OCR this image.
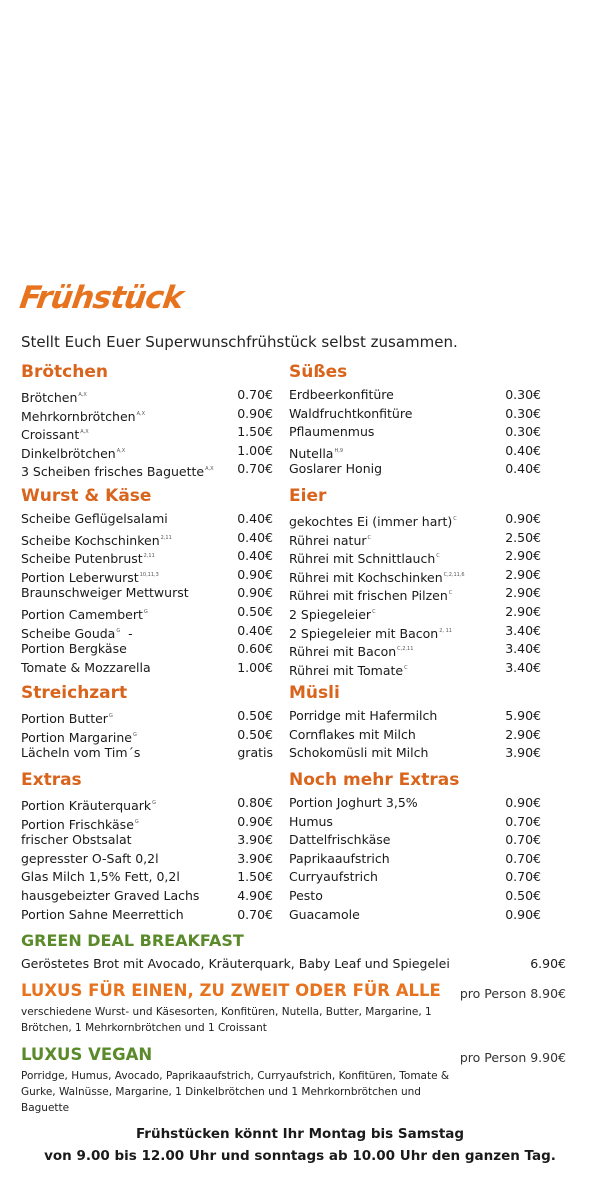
Frühstück
Stellt Euch Euer Superwunschfrühstück selbst zusammen.
Brötchen
Brötchen$^{A,X}$	0.70€
Mehrkornbrötchen$^{A,X}$	0.90€
Croissant$^{A,X}$	1.50€
Dinkelbrötchen$^{A,X}$	1.00€
3 Scheiben frisches Baguette$^{A,X}$ 0.70€
Wurst & Käse
Scheibe Geflügelsalami	0.40€
Scheibe Kochschinken$^{2,11}$	0.40€
Scheibe Putenbrust$^{2,11}$	0.40€
Portion Leberwurst$^{10,11,3}$	0.90€
Braunschweiger Mettwurst	0.90€
Portion Camembert$^G$	0.50€
Scheibe Gouda$^G$  -	0.40€
Portion Bergkäse	0.60€
Tomate & Mozzarella	1.00€
Streichzart
Portion Butter$^G$	0.50€
Portion Margarine$^G$	0.50€
Lächeln vom Tim´s	gratis
Extras
Portion Kräuterquark$^G$	0.80€
Portion Frischkäse$^G$	0.90€
frischer Obstsalat	3.90€
gepresster O-Saft 0,2l	3.90€
Glas Milch 1,5% Fett, 0,2l	1.50€
hausgebeizter Graved Lachs	4.90€
Portion Sahne Meerrettich	0.70€
Süßes
Erdbeerkonfitüre	0.30€
Waldfruchtkonfitüre	0.30€
Pflaumenmus	0.30€
Nutella$^{H,9}$	0.40€
Goslarer Honig	0.40€
Eier
gekochtes Ei (immer hart)$^C$	0.90€
Rührei natur$^C$	2.50€
Rührei mit Schnittlauch$^C$	2.90€
Rührei mit Kochschinken$^{C,2,11,6}$	2.90€
Rührei mit frischen Pilzen$^C$	2.90€
2 Spiegeleier$^C$	2.90€
2 Spiegeleier mit Bacon$^{2, 11}$	3.40€
Rührei mit Bacon$^{C,2,11}$	3.40€
Rührei mit Tomate$^C$	3.40€
Müsli
Porridge mit Hafermilch	5.90€
Cornflakes mit Milch	2.90€
Schokomüsli mit Milch	3.90€
Noch mehr Extras
Portion Joghurt 3,5%	0.90€
Humus	0.70€
Dattelfrischkäse	0.70€
Paprikaaufstrich	0.70€
Curryaufstrich	0.70€
Pesto	0.50€
Guacamole	0.90€
GREEN DEAL BREAKFAST
Geröstetes Brot mit Avocado, Kräuterquark, Baby Leaf und Spiegelei	6.90€
LUXUS FÜR EINEN, ZU ZWEIT ODER FÜR ALLE pro Person 8.90€
verschiedene Wurst- und Käsesorten, Konfitüren, Nutella, Butter, Margarine, 1 Brötchen, 1 Mehrkornbrötchen und 1 Croissant
LUXUS VEGAN	pro Person 9.90€
Porridge, Humus, Avocado, Paprikaaufstrich, Curryaufstrich, Konfitüren, Tomate & Gurke, Walnüsse, Margarine, 1 Dinkelbrötchen und 1 Mehrkornbrötchen und Baguette
Frühstücken könnt Ihr Montag bis Samstag
von 9.00 bis 12.00 Uhr und sonntags ab 10.00 Uhr den ganzen Tag.
